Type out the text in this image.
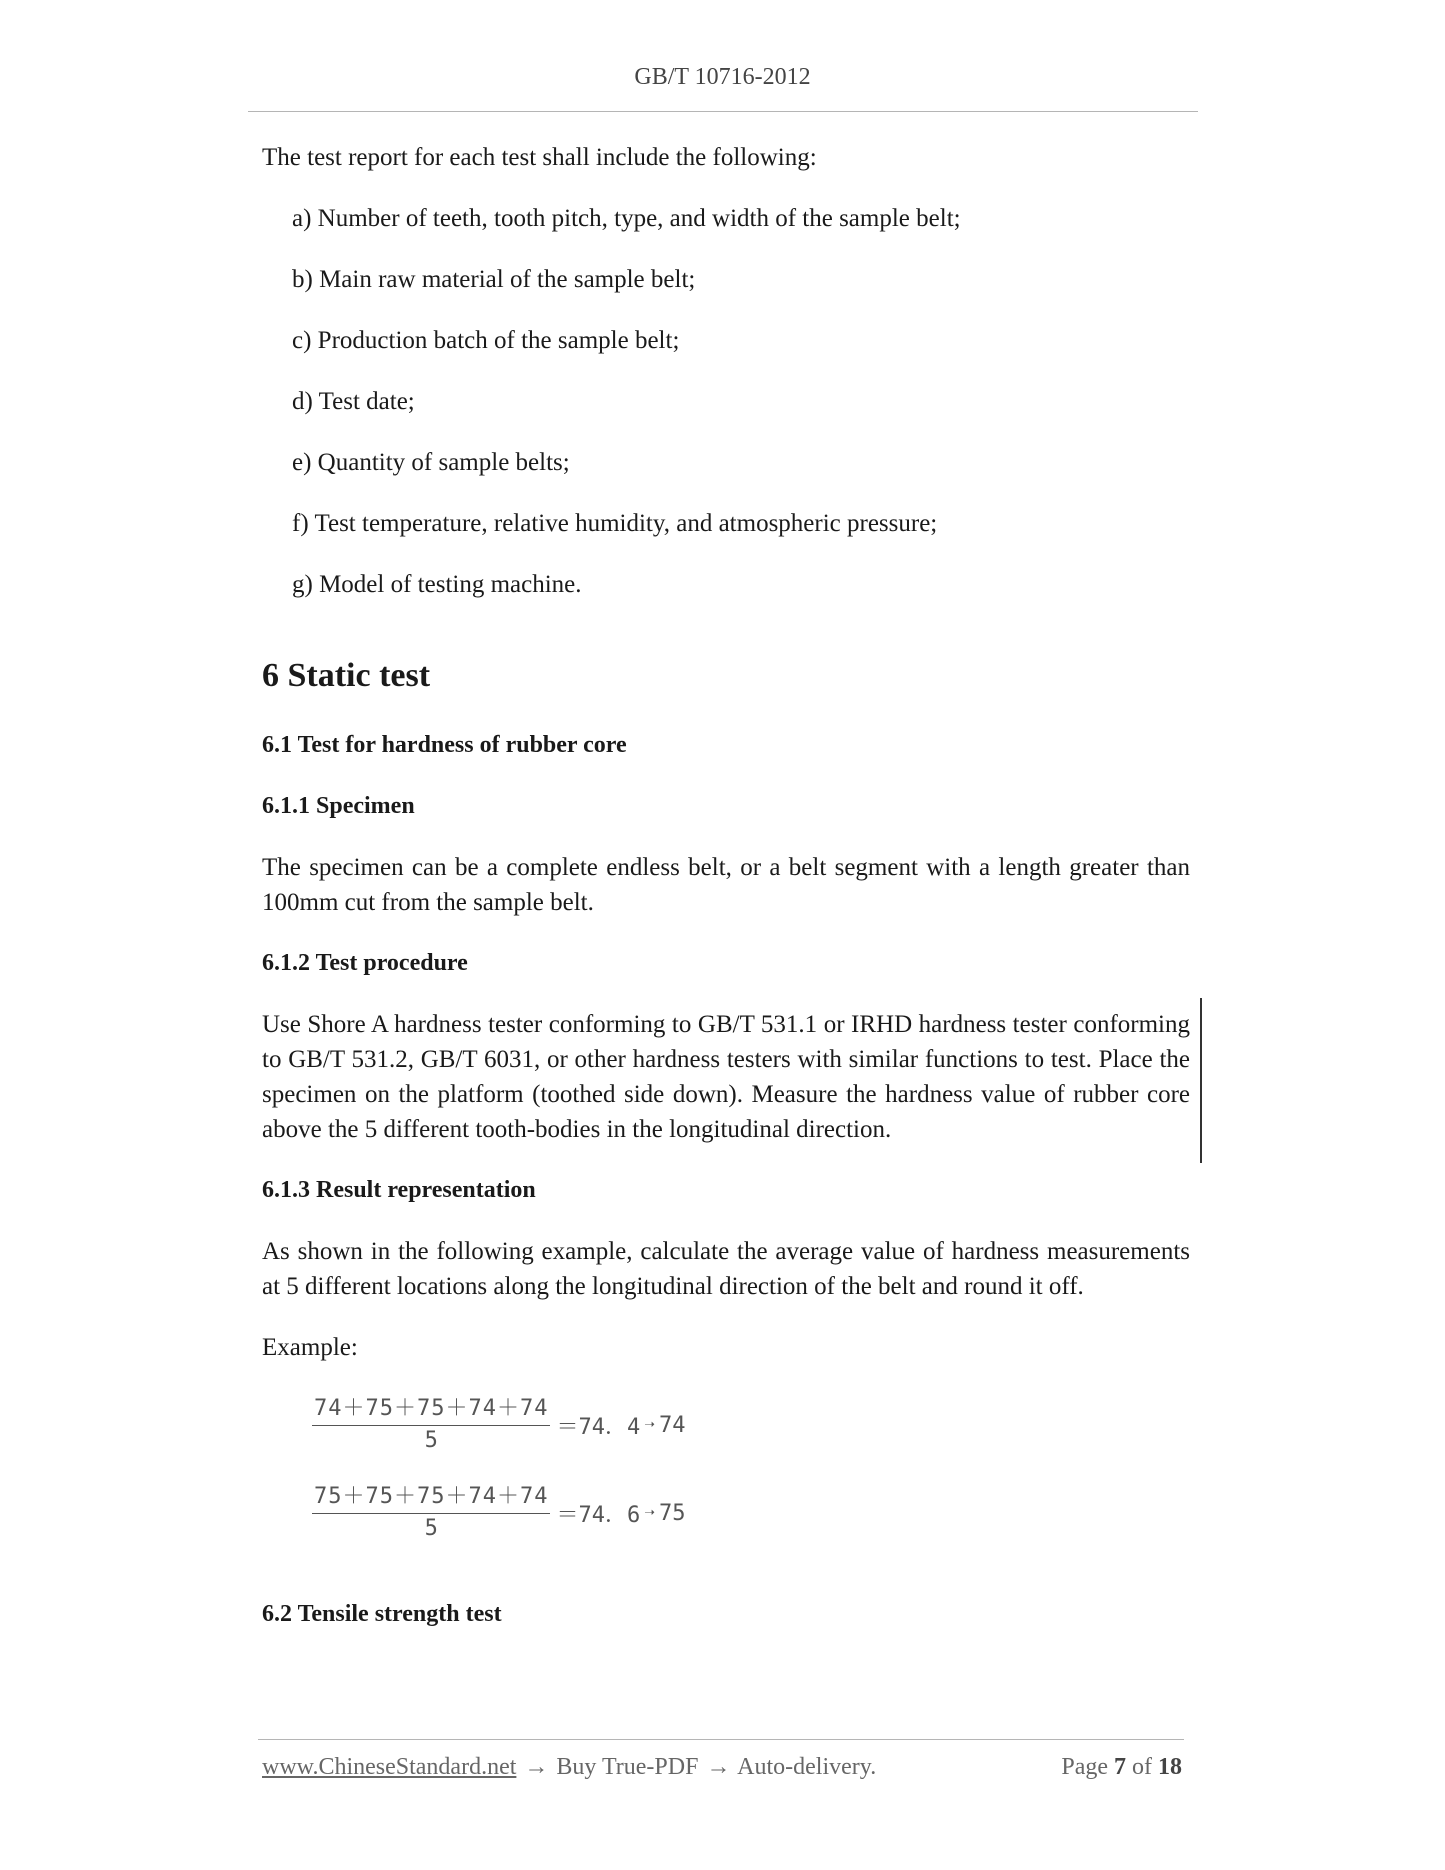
GB/T 10716-2012

The test report for each test shall include the following:

a) Number of teeth, tooth pitch, type, and width of the sample belt;
b) Main raw material of the sample belt;
c) Production batch of the sample belt;
d) Test date;
e) Quantity of sample belts;
f) Test temperature, relative humidity, and atmospheric pressure;
g) Model of testing machine.
6 Static test
6.1 Test for hardness of rubber core
6.1.1 Specimen

The specimen can be a complete endless belt, or a belt segment with a length greater than 100mm cut from the sample belt.

6.1.2 Test procedure

Use Shore A hardness tester conforming to GB/T 531.1 or IRHD hardness tester conforming to GB/T 531.2, GB/T 6031, or other hardness testers with similar functions to test. Place the specimen on the platform (toothed side down). Measure the hardness value of rubber core above the 5 different tooth-bodies in the longitudinal direction.

6.1.3 Result representation

As shown in the following example, calculate the average value of hardness measurements at 5 different locations along the longitudinal direction of the belt and round it off.

Example:

$\frac{74+75+75+74+74}{5} =74$．4 ➝ 74
$\frac{75+75+75+74+74}{5} =74$．6 ➝ 75
6.2 Tensile strength test
www.ChineseStandard.net → Buy True-PDF → Auto-delivery.	Page 7 of 18
